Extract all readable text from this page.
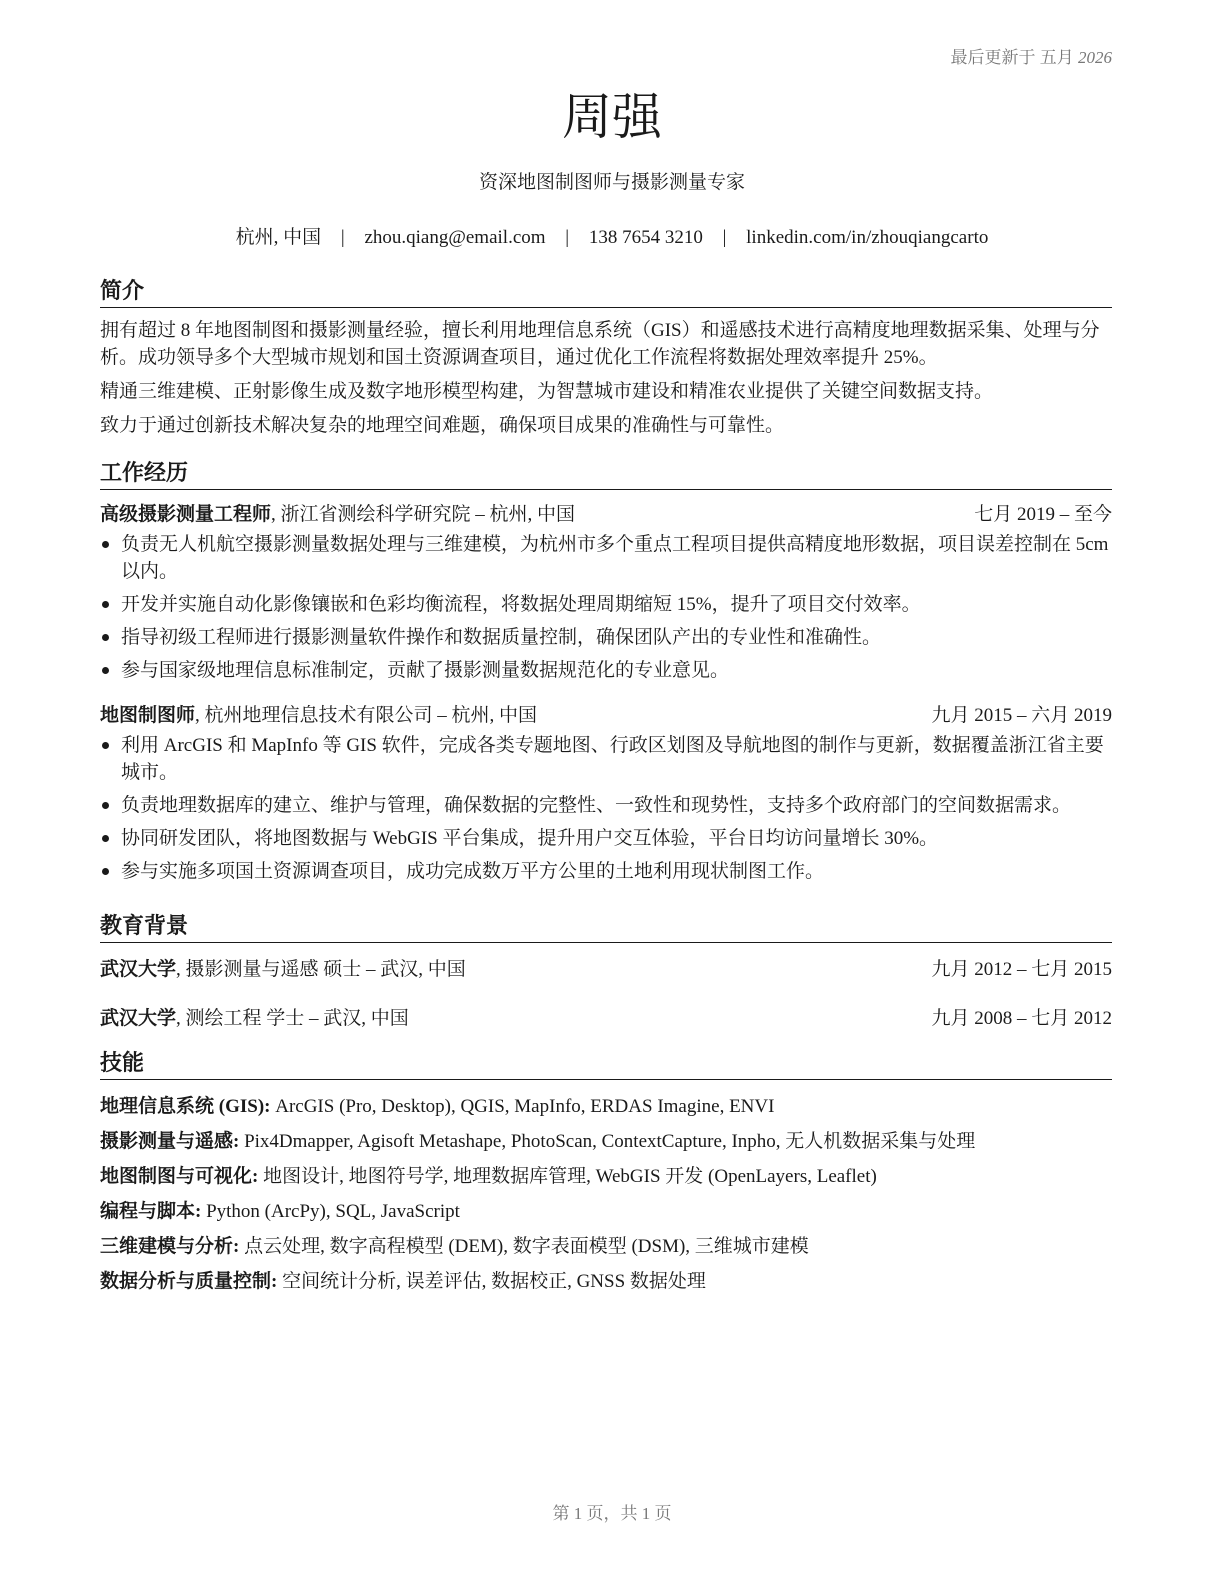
最后更新于 五月 2026
周强
资深地图制图师与摄影测量专家
杭州, 中国 | zhou.qiang@email.com | 138 7654 3210 | linkedin.com/in/zhouqiangcarto
简介

拥有超过 8 年地图制图和摄影测量经验，擅长利用地理信息系统（GIS）和遥感技术进行高精度地理数据采集、处理与分析。成功领导多个大型城市规划和国土资源调查项目，通过优化工作流程将数据处理效率提升 25%。

精通三维建模、正射影像生成及数字地形模型构建，为智慧城市建设和精准农业提供了关键空间数据支持。

致力于通过创新技术解决复杂的地理空间难题，确保项目成果的准确性与可靠性。

工作经历
高级摄影测量工程师, 浙江省测绘科学研究院 – 杭州, 中国	七月 2019 – 至今
负责无人机航空摄影测量数据处理与三维建模，为杭州市多个重点工程项目提供高精度地形数据，项目误差控制在 5cm 以内。
开发并实施自动化影像镶嵌和色彩均衡流程，将数据处理周期缩短 15%，提升了项目交付效率。
指导初级工程师进行摄影测量软件操作和数据质量控制，确保团队产出的专业性和准确性。
参与国家级地理信息标准制定，贡献了摄影测量数据规范化的专业意见。
地图制图师, 杭州地理信息技术有限公司 – 杭州, 中国	九月 2015 – 六月 2019
利用 ArcGIS 和 MapInfo 等 GIS 软件，完成各类专题地图、行政区划图及导航地图的制作与更新，数据覆盖浙江省主要城市。
负责地理数据库的建立、维护与管理，确保数据的完整性、一致性和现势性，支持多个政府部门的空间数据需求。
协同研发团队，将地图数据与 WebGIS 平台集成，提升用户交互体验，平台日均访问量增长 30%。
参与实施多项国土资源调查项目，成功完成数万平方公里的土地利用现状制图工作。
教育背景
武汉大学, 摄影测量与遥感 硕士 – 武汉, 中国	九月 2012 – 七月 2015
武汉大学, 测绘工程 学士 – 武汉, 中国	九月 2008 – 七月 2012
技能
地理信息系统 (GIS): ArcGIS (Pro, Desktop), QGIS, MapInfo, ERDAS Imagine, ENVI
摄影测量与遥感: Pix4Dmapper, Agisoft Metashape, PhotoScan, ContextCapture, Inpho, 无人机数据采集与处理
地图制图与可视化: 地图设计, 地图符号学, 地理数据库管理, WebGIS 开发 (OpenLayers, Leaflet)
编程与脚本: Python (ArcPy), SQL, JavaScript
三维建模与分析: 点云处理, 数字高程模型 (DEM), 数字表面模型 (DSM), 三维城市建模
数据分析与质量控制: 空间统计分析, 误差评估, 数据校正, GNSS 数据处理
第 1 页，共 1 页
